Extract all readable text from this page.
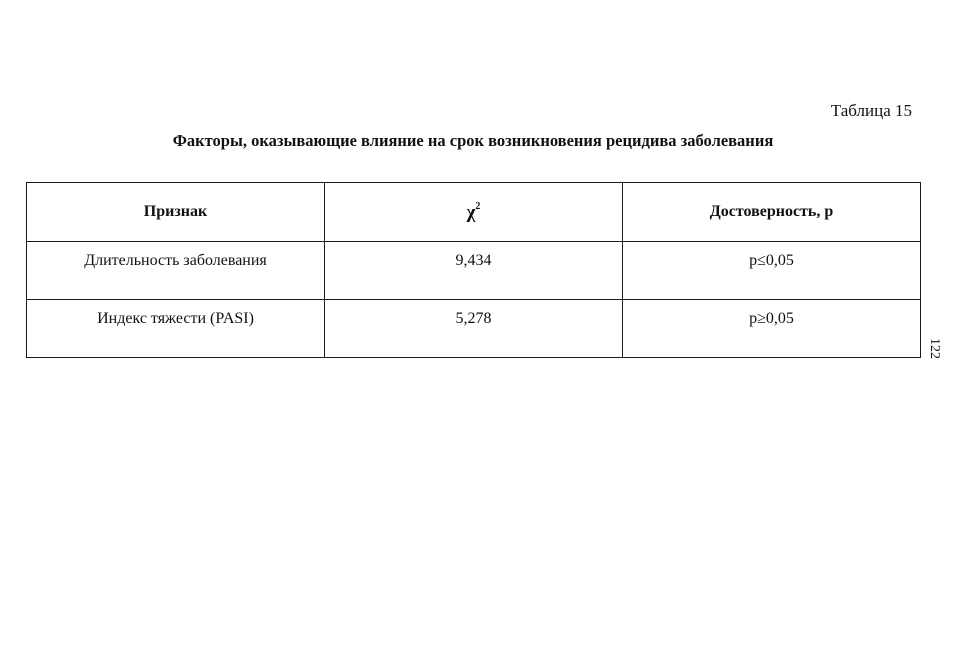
Таблица 15
Факторы, оказывающие влияние на срок возникновения рецидива заболевания
Признак	$\chi^2$	Достоверность, р
Длительность заболевания	9,434	р≤0,05
Индекс тяжести (PASI)	5,278	р≥0,05
122
